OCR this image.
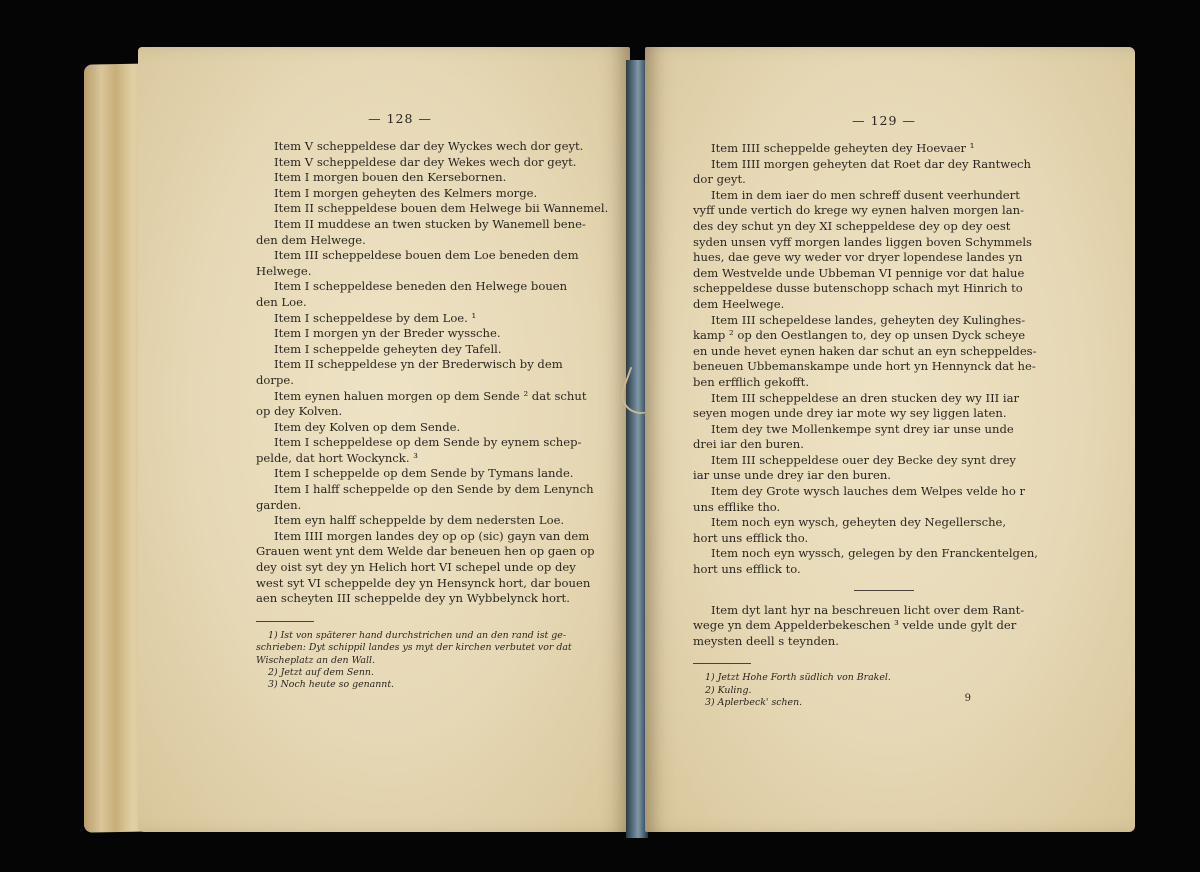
— 128 —
Item V scheppeldese dar dey Wyckes wech dor geyt.
Item V scheppeldese dar dey Wekes wech dor geyt.
Item I morgen bouen den Kersebornen.
Item I morgen geheyten des Kelmers morge.
Item II scheppeldese bouen dem Helwege bii Wannemel.
Item II muddese an twen stucken by Wanemell bene-
den dem Helwege.
Item III scheppeldese bouen dem Loe beneden dem
Helwege.
Item I scheppeldese beneden den Helwege bouen
den Loe.
Item I scheppeldese by dem Loe. ¹
Item I morgen yn der Breder wyssche.
Item I scheppelde geheyten dey Tafell.
Item II scheppeldese yn der Brederwisch by dem
dorpe.
Item eynen haluen morgen op dem Sende ² dat schut
op dey Kolven.
Item dey Kolven op dem Sende.
Item I scheppeldese op dem Sende by eynem schep-
pelde, dat hort Wockynck. ³
Item I scheppelde op dem Sende by Tymans lande.
Item I halff scheppelde op den Sende by dem Lenynch
garden.
Item eyn halff scheppelde by dem nedersten Loe.
Item IIII morgen landes dey op op (sic) gayn van dem
Grauen went ynt dem Welde dar beneuen hen op gaen op
dey oist syt dey yn Helich hort VI schepel unde op dey
west syt VI scheppelde dey yn Hensynck hort, dar bouen
aen scheyten III scheppelde dey yn Wybbelynck hort.
1) Ist von späterer hand durchstrichen und an den rand ist ge-
schrieben: Dyt schippil landes ys myt der kirchen verbutet vor dat
Wischeplatz an den Wall.
2) Jetzt auf dem Senn.
3) Noch heute so genannt.
— 129 —
Item IIII scheppelde geheyten dey Hoevaer ¹
Item IIII morgen geheyten dat Roet dar dey Rantwech
dor geyt.
Item in dem iaer do men schreff dusent veerhundert
vyff unde vertich do krege wy eynen halven morgen lan-
des dey schut yn dey XI scheppeldese dey op dey oest
syden unsen vyff morgen landes liggen boven Schymmels
hues, dae geve wy weder vor dryer lopendese landes yn
dem Westvelde unde Ubbeman VI pennige vor dat halue
scheppeldese dusse butenschopp schach myt Hinrich to
dem Heelwege.
Item III schepeldese landes, geheyten dey Kulinghes-
kamp ² op den Oestlangen to, dey op unsen Dyck scheye
en unde hevet eynen haken dar schut an eyn scheppeldes-
beneuen Ubbemanskampe unde hort yn Hennynck dat he-
ben erfflich gekofft.
Item III scheppeldese an dren stucken dey wy III iar
seyen mogen unde drey iar mote wy sey liggen laten.
Item dey twe Mollenkempe synt drey iar unse unde
drei iar den buren.
Item III scheppeldese ouer dey Becke dey synt drey
iar unse unde drey iar den buren.
Item dey Grote wysch lauches dem Welpes velde ho r
uns efflike tho.
Item noch eyn wysch, geheyten dey Negellersche,
hort uns efflick tho.
Item noch eyn wyssch, gelegen by den Franckentelgen,
hort uns efflick to.
Item dyt lant hyr na beschreuen licht over dem Rant-
wege yn dem Appelderbekeschen ³ velde unde gylt der
meysten deell s teynden.
1) Jetzt Hohe Forth südlich von Brakel.
2) Kuling.
3) Aplerbeck' schen.	9
